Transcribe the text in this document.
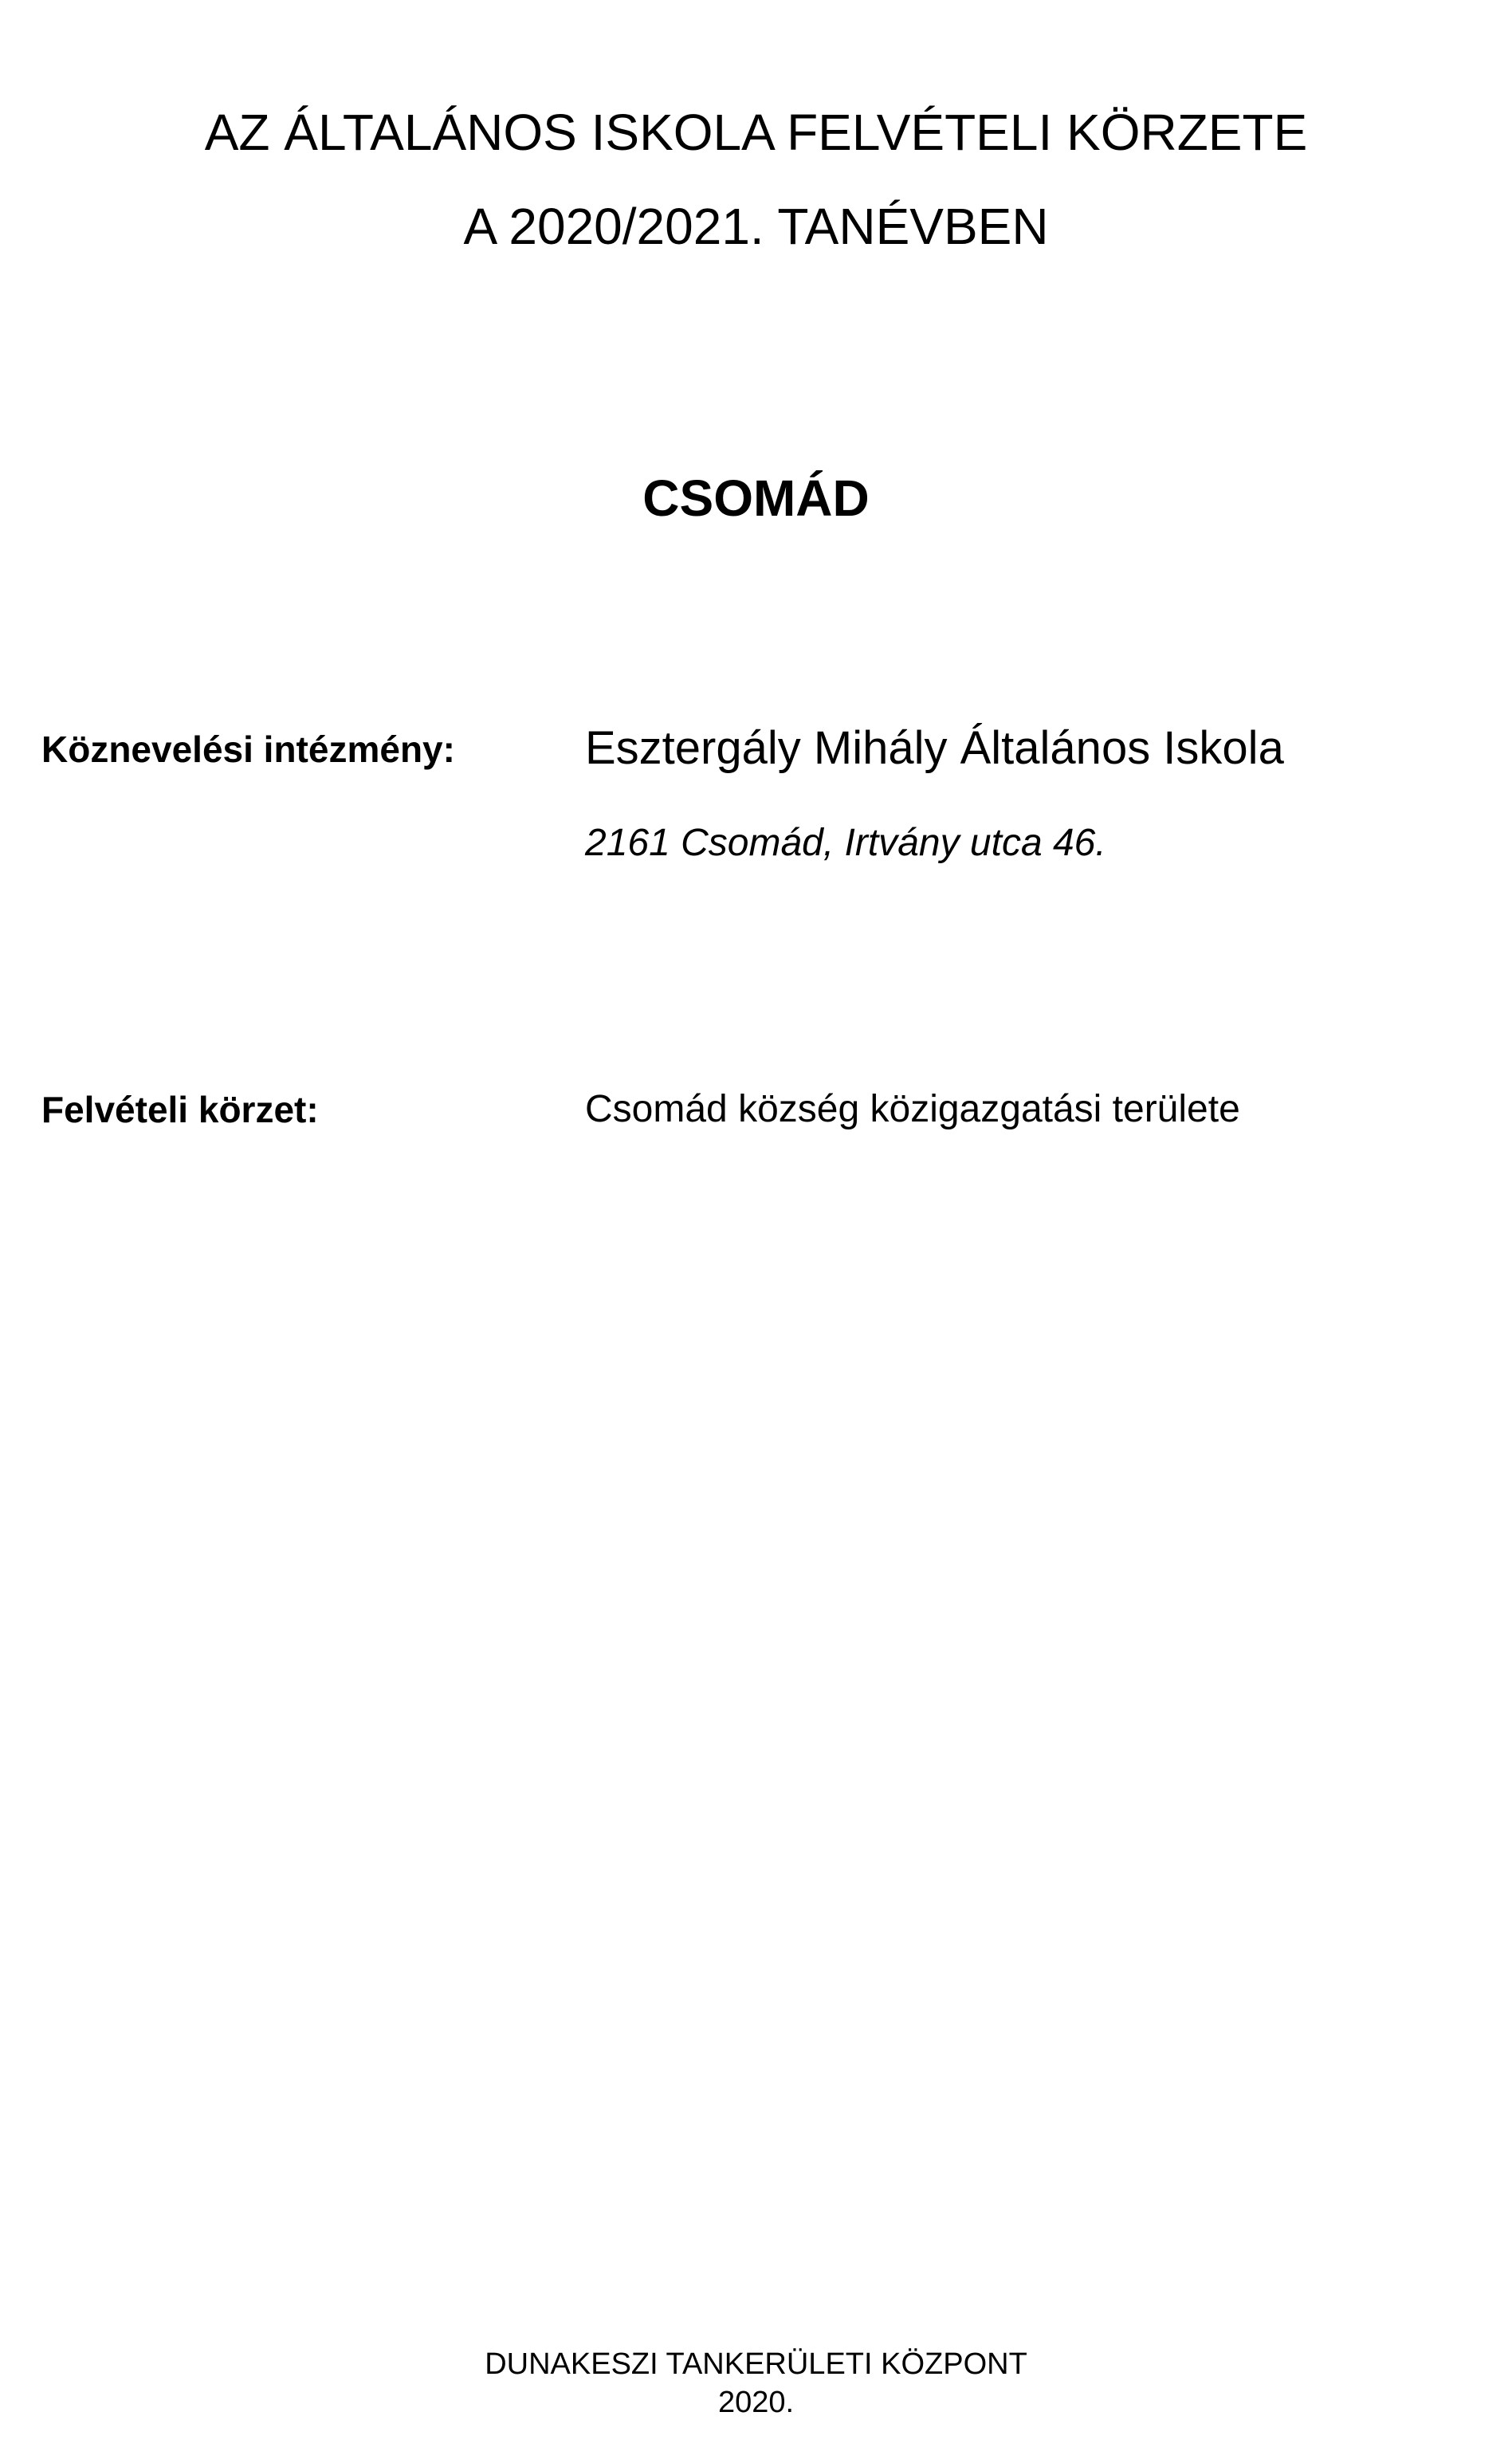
AZ ÁLTALÁNOS ISKOLA FELVÉTELI KÖRZETE
A 2020/2021. TANÉVBEN
CSOMÁD
Köznevelési intézmény:	Esztergály Mihály Általános Iskola
2161 Csomád, Irtvány utca 46.
Felvételi körzet:	Csomád község közigazgatási területe
DUNAKESZI TANKERÜLETI KÖZPONT
2020.
